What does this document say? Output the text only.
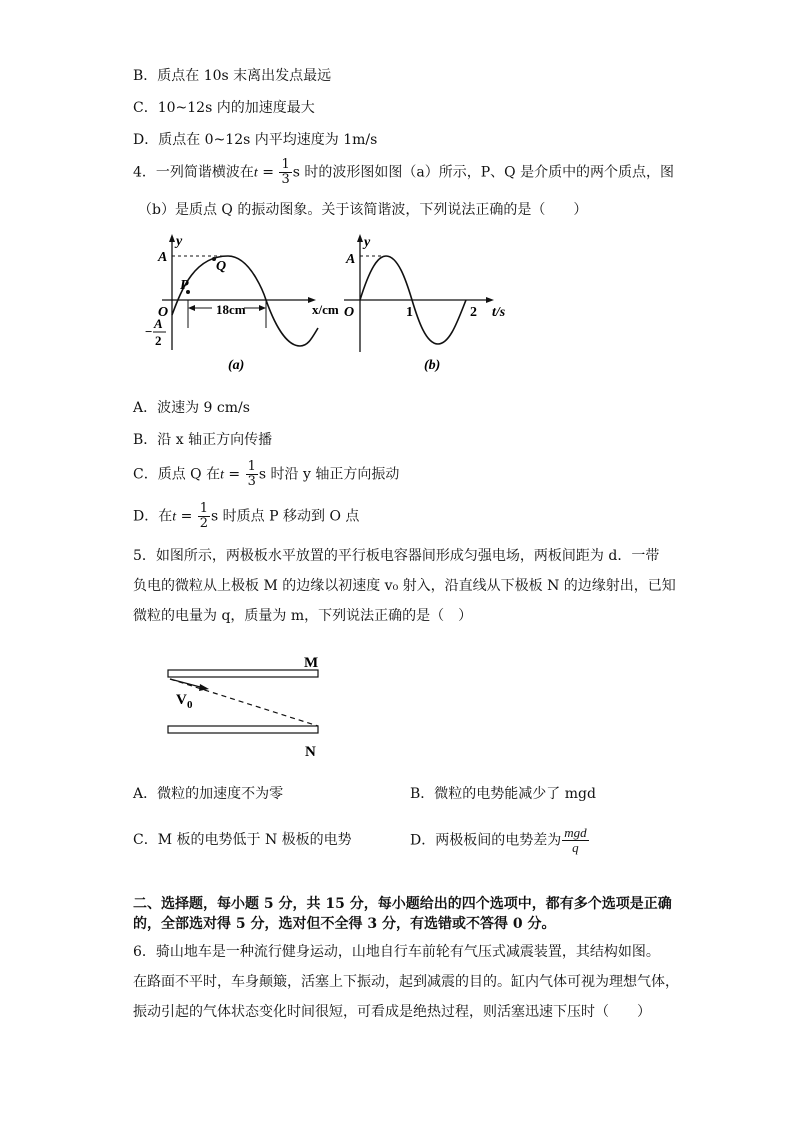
B．质点在 10s 末离出发点最远
C．10~12s 内的加速度最大
D．质点在 0~12s 内平均速度为 1m/s
4．一列简谐横波在$t = \frac{1}{3}$ s 时的波形图如图（a）所示，P、Q 是介质中的两个质点，图
（b）是质点 Q 的振动图象。关于该简谐波，下列说法正确的是（　　）
y
A
Q
P
O	18cm	x/cm
−
A
2
(a)
y
A
O	1	2 t/s
(b)
A．波速为 9 cm/s
B．沿 x 轴正方向传播
C．质点 Q 在$t = \frac{1}{3}$ s 时沿 y 轴正方向振动
D．在$t = \frac{1}{2}$ s 时质点 P 移动到 O 点
5．如图所示，两极板水平放置的平行板电容器间形成匀强电场，两板间距为 d．一带
负电的微粒从上极板 M 的边缘以初速度 v₀ 射入，沿直线从下极板 N 的边缘射出，已知
微粒的电量为 q，质量为 m，下列说法正确的是（　）
M
N
V 0
A．微粒的加速度不为零	B．微粒的电势能减少了 mgd
C．M 板的电势低于 N 极板的电势	D．两极板间的电势差为 $\frac{\text{mgd}}{q}$
二、选择题，每小题 5 分，共 15 分，每小题给出的四个选项中，都有多个选项是正确
的，全部选对得 5 分，选对但不全得 3 分，有选错或不答得 0 分。
6．骑山地车是一种流行健身运动，山地自行车前轮有气压式减震装置，其结构如图。
在路面不平时，车身颠簸，活塞上下振动，起到减震的目的。缸内气体可视为理想气体，
振动引起的气体状态变化时间很短，可看成是绝热过程，则活塞迅速下压时（　　）
